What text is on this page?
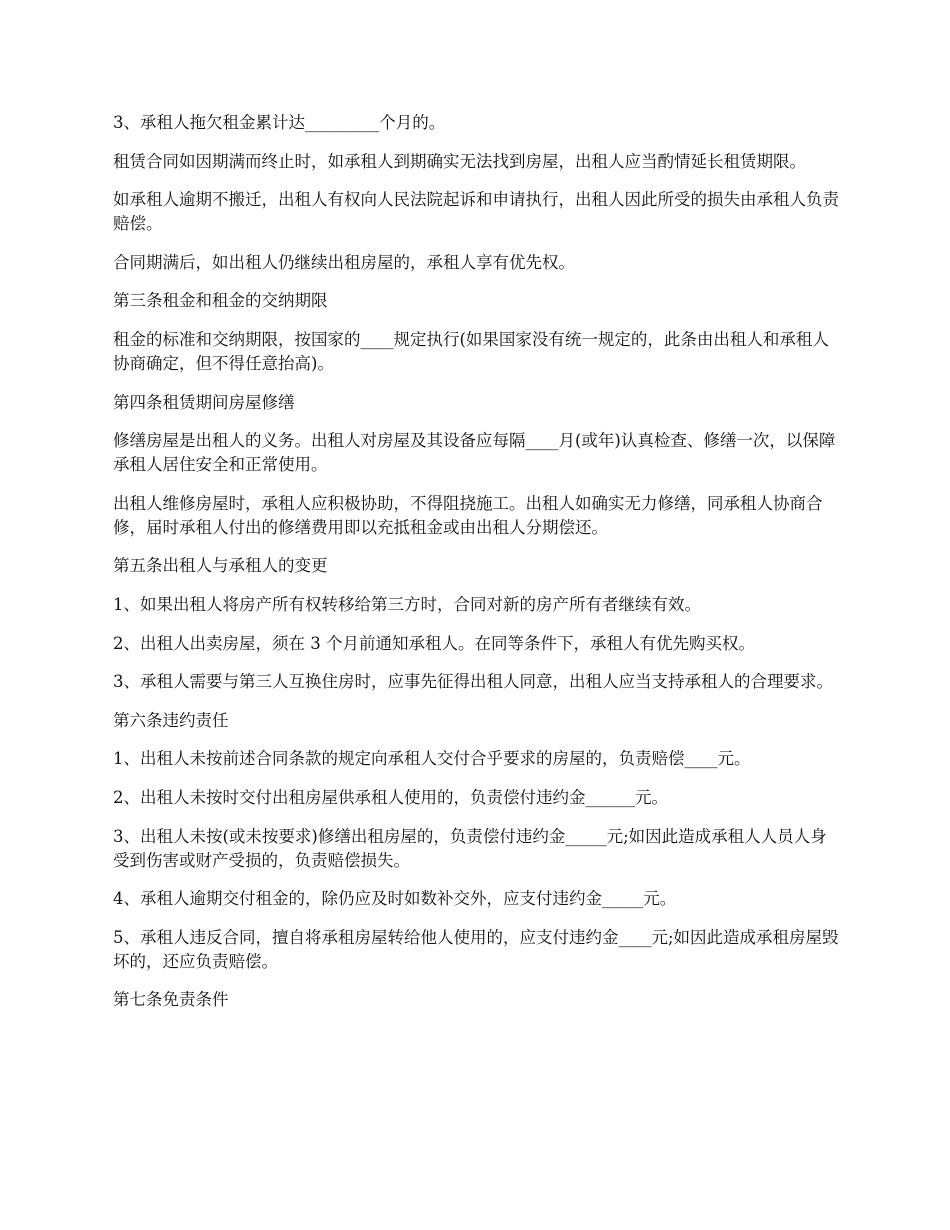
3、承租人拖欠租金累计达_________个月的。

租赁合同如因期满而终止时，如承租人到期确实无法找到房屋，出租人应当酌情延长租赁期限。

如承租人逾期不搬迁，出租人有权向人民法院起诉和申请执行，出租人因此所受的损失由承租人负责赔偿。

合同期满后，如出租人仍继续出租房屋的，承租人享有优先权。

第三条租金和租金的交纳期限

租金的标准和交纳期限，按国家的____规定执行(如果国家没有统一规定的，此条由出租人和承租人协商确定，但不得任意抬高)。

第四条租赁期间房屋修缮

修缮房屋是出租人的义务。出租人对房屋及其设备应每隔____月(或年)认真检查、修缮一次，以保障承租人居住安全和正常使用。

出租人维修房屋时，承租人应积极协助，不得阻挠施工。出租人如确实无力修缮，同承租人协商合修，届时承租人付出的修缮费用即以充抵租金或由出租人分期偿还。

第五条出租人与承租人的变更

1、如果出租人将房产所有权转移给第三方时，合同对新的房产所有者继续有效。

2、出租人出卖房屋，须在 3 个月前通知承租人。在同等条件下，承租人有优先购买权。

3、承租人需要与第三人互换住房时，应事先征得出租人同意，出租人应当支持承租人的合理要求。

第六条违约责任

1、出租人未按前述合同条款的规定向承租人交付合乎要求的房屋的，负责赔偿____元。

2、出租人未按时交付出租房屋供承租人使用的，负责偿付违约金______元。

3、出租人未按(或未按要求)修缮出租房屋的，负责偿付违约金_____元;如因此造成承租人人员人身受到伤害或财产受损的，负责赔偿损失。

4、承租人逾期交付租金的，除仍应及时如数补交外，应支付违约金_____元。

5、承租人违反合同，擅自将承租房屋转给他人使用的，应支付违约金____元;如因此造成承租房屋毁坏的，还应负责赔偿。

第七条免责条件
